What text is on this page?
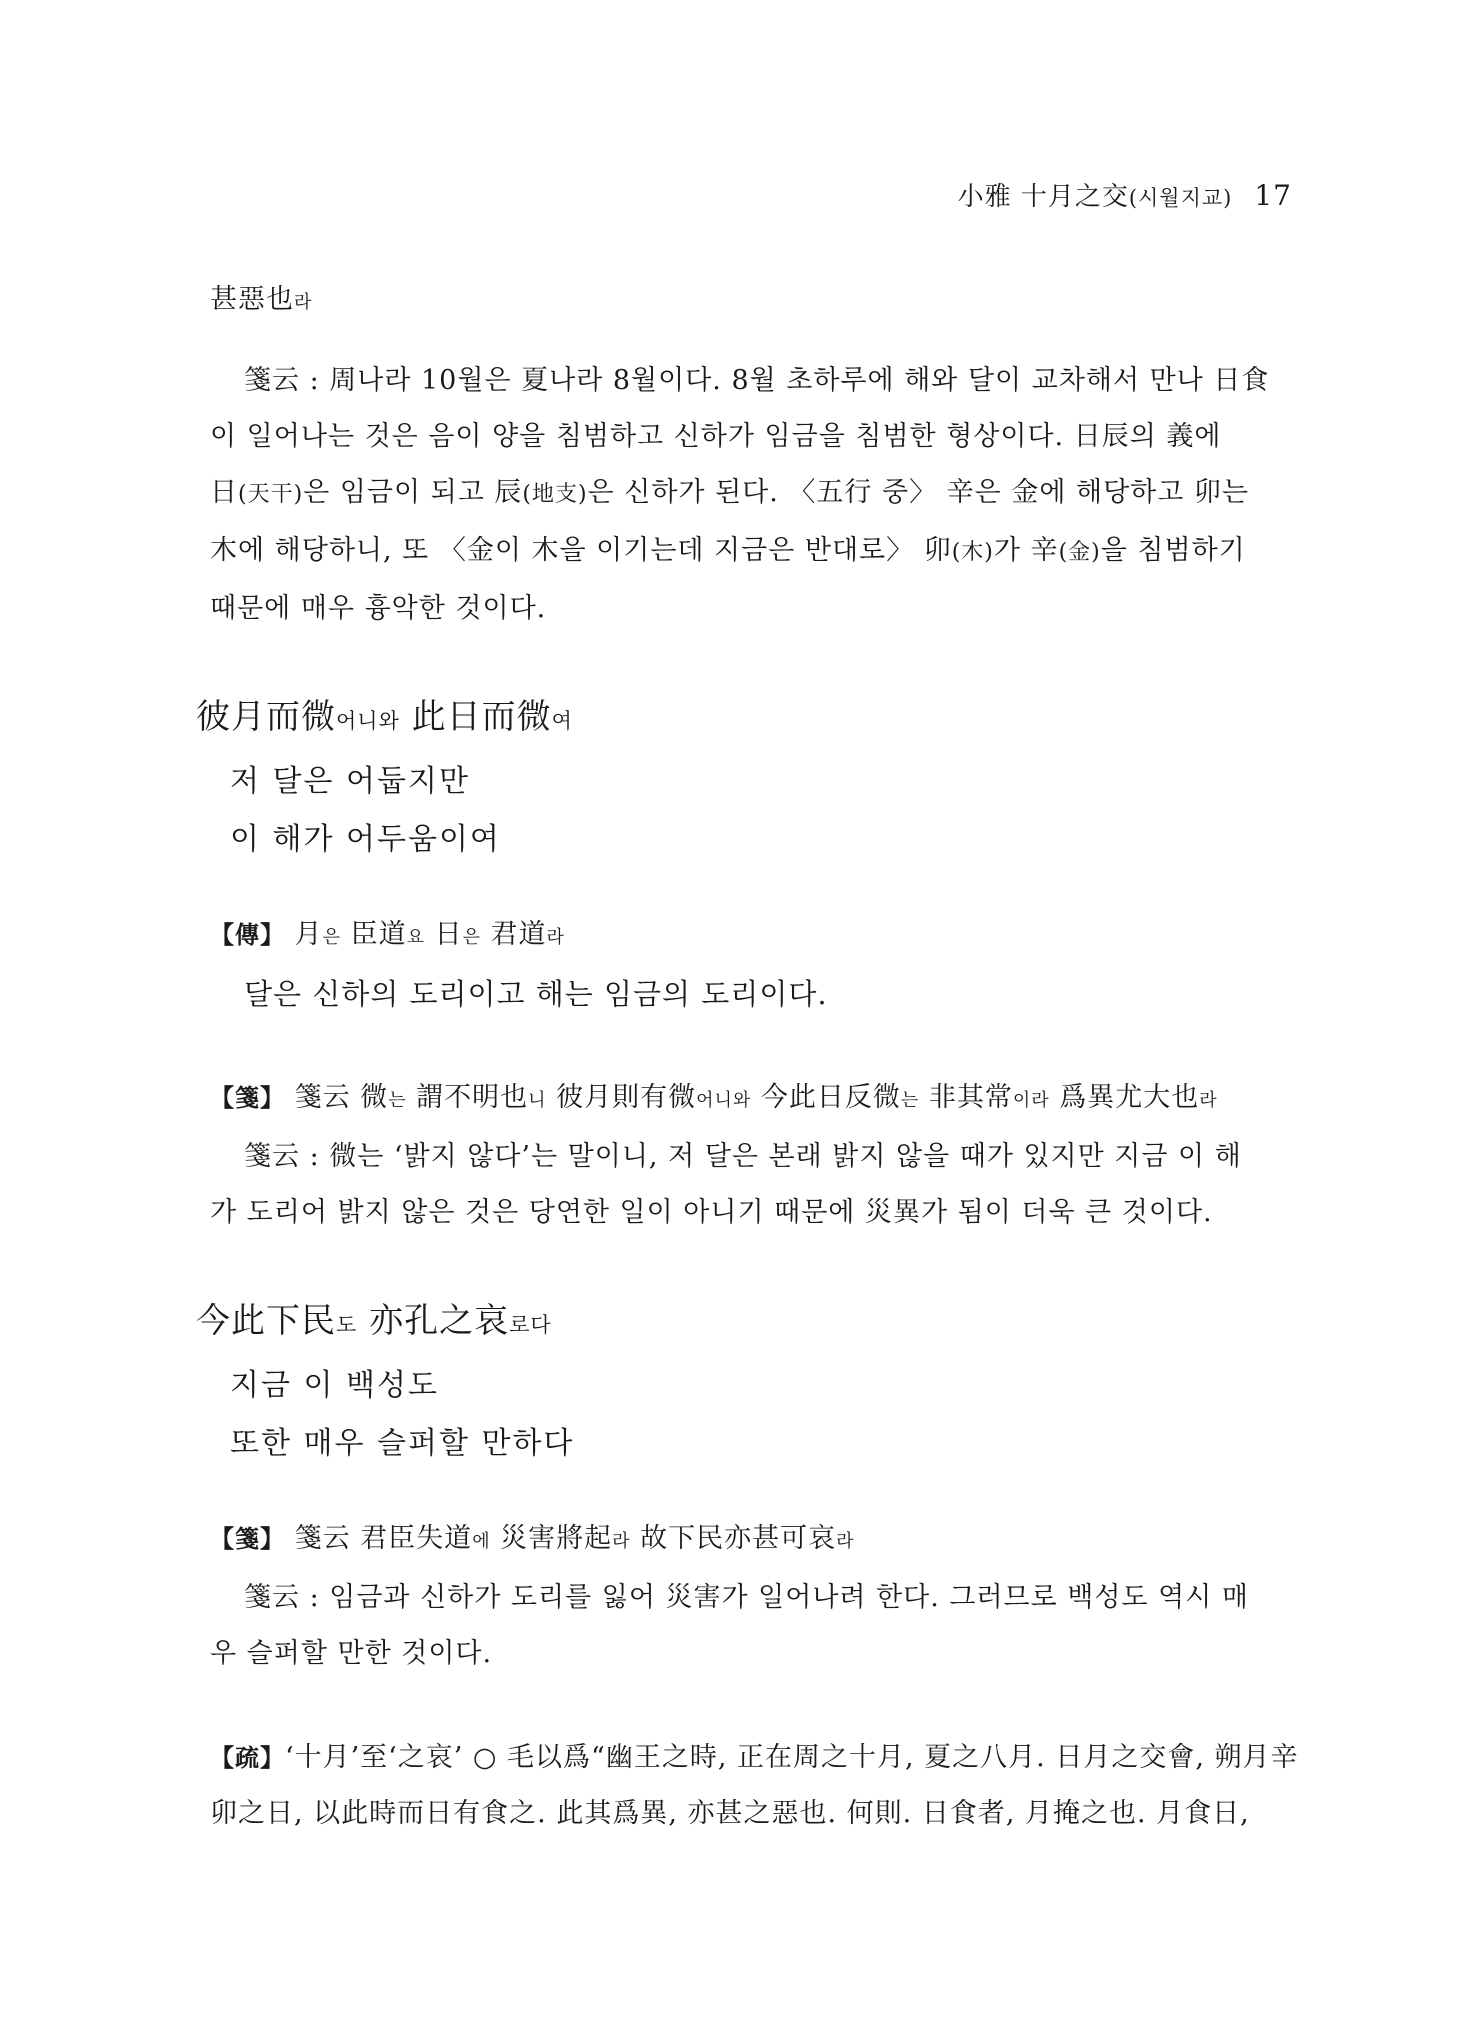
小雅 十月之交(시월지교) 17
甚惡也라
箋云 : 周나라 10월은 夏나라 8월이다. 8월 초하루에 해와 달이 교차해서 만나 日食
이 일어나는 것은 음이 양을 침범하고 신하가 임금을 침범한 형상이다. 日辰의 義에
日(天干)은 임금이 되고 辰(地支)은 신하가 된다. 〈五行 중〉 辛은 金에 해당하고 卯는
木에 해당하니, 또 〈金이 木을 이기는데 지금은 반대로〉 卯(木)가 辛(金)을 침범하기
때문에 매우 흉악한 것이다.
彼月而微어니와 此日而微여
저 달은 어둡지만
이 해가 어두움이여
【傳】 月은 臣道요 日은 君道라
달은 신하의 도리이고 해는 임금의 도리이다.
【箋】 箋云 微는 謂不明也니 彼月則有微어니와 今此日反微는 非其常이라 爲異尤大也라
箋云 : 微는 ‘밝지 않다’는 말이니, 저 달은 본래 밝지 않을 때가 있지만 지금 이 해
가 도리어 밝지 않은 것은 당연한 일이 아니기 때문에 災異가 됨이 더욱 큰 것이다.
今此下民도 亦孔之哀로다
지금 이 백성도
또한 매우 슬퍼할 만하다
【箋】 箋云 君臣失道에 災害將起라 故下民亦甚可哀라
箋云 : 임금과 신하가 도리를 잃어 災害가 일어나려 한다. 그러므로 백성도 역시 매
우 슬퍼할 만한 것이다.
【疏】‘十月’至‘之哀’ ○ 毛以爲“幽王之時, 正在周之十月, 夏之八月. 日月之交會, 朔月辛
卯之日, 以此時而日有食之. 此其爲異, 亦甚之惡也. 何則. 日食者, 月掩之也. 月食日,
